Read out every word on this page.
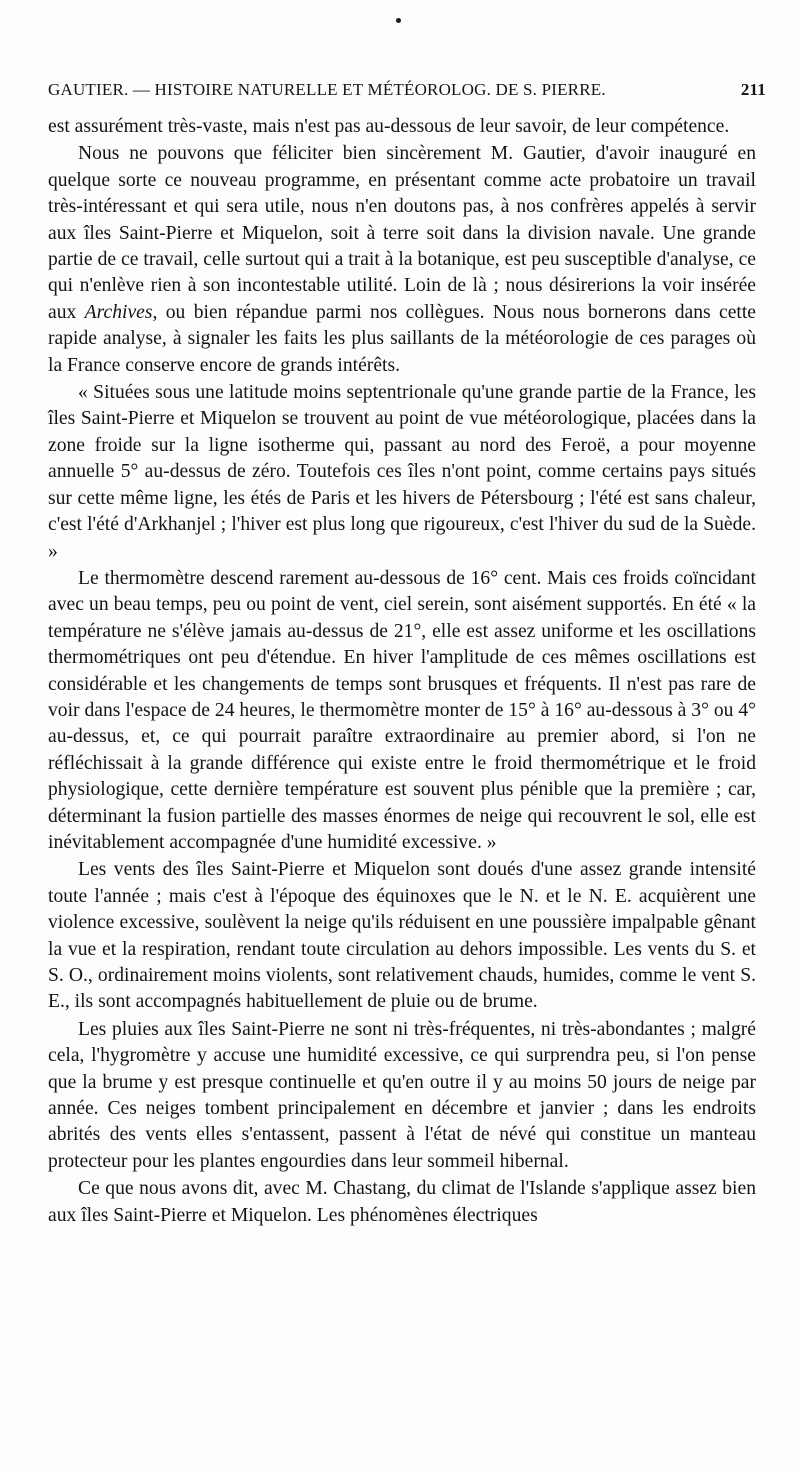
GAUTIER. — HISTOIRE NATURELLE ET MÉTÉOROLOG. DE S. PIERRE.	211

est assurément très-vaste, mais n'est pas au-dessous de leur savoir, de leur compétence.

Nous ne pouvons que féliciter bien sincèrement M. Gautier, d'avoir inauguré en quelque sorte ce nouveau programme, en présentant comme acte probatoire un travail très-intéressant et qui sera utile, nous n'en doutons pas, à nos confrères appelés à servir aux îles Saint-Pierre et Miquelon, soit à terre soit dans la division navale. Une grande partie de ce travail, celle surtout qui a trait à la botanique, est peu susceptible d'analyse, ce qui n'enlève rien à son incontestable utilité. Loin de là ; nous désirerions la voir insérée aux Archives, ou bien répandue parmi nos collègues. Nous nous bornerons dans cette rapide analyse, à signaler les faits les plus saillants de la météorologie de ces parages où la France conserve encore de grands intérêts.

« Situées sous une latitude moins septentrionale qu'une grande partie de la France, les îles Saint-Pierre et Miquelon se trouvent au point de vue météorologique, placées dans la zone froide sur la ligne isotherme qui, passant au nord des Feroë, a pour moyenne annuelle 5° au-dessus de zéro. Toutefois ces îles n'ont point, comme certains pays situés sur cette même ligne, les étés de Paris et les hivers de Pétersbourg ; l'été est sans chaleur, c'est l'été d'Arkhanjel ; l'hiver est plus long que rigoureux, c'est l'hiver du sud de la Suède. »

Le thermomètre descend rarement au-dessous de 16° cent. Mais ces froids coïncidant avec un beau temps, peu ou point de vent, ciel serein, sont aisément supportés. En été « la température ne s'élève jamais au-dessus de 21°, elle est assez uniforme et les oscillations thermométriques ont peu d'étendue. En hiver l'amplitude de ces mêmes oscillations est considérable et les changements de temps sont brusques et fréquents. Il n'est pas rare de voir dans l'espace de 24 heures, le thermomètre monter de 15° à 16° au-dessous à 3° ou 4° au-dessus, et, ce qui pourrait paraître extraordinaire au premier abord, si l'on ne réfléchissait à la grande différence qui existe entre le froid thermométrique et le froid physiologique, cette dernière température est souvent plus pénible que la première ; car, déterminant la fusion partielle des masses énormes de neige qui recouvrent le sol, elle est inévitablement accompagnée d'une humidité excessive. »

Les vents des îles Saint-Pierre et Miquelon sont doués d'une assez grande intensité toute l'année ; mais c'est à l'époque des équinoxes que le N. et le N. E. acquièrent une violence excessive, soulèvent la neige qu'ils réduisent en une poussière impalpable gênant la vue et la respiration, rendant toute circulation au dehors impossible. Les vents du S. et S. O., ordinairement moins violents, sont relativement chauds, humides, comme le vent S. E., ils sont accompagnés habituellement de pluie ou de brume.

Les pluies aux îles Saint-Pierre ne sont ni très-fréquentes, ni très-abondantes ; malgré cela, l'hygromètre y accuse une humidité excessive, ce qui surprendra peu, si l'on pense que la brume y est presque continuelle et qu'en outre il y au moins 50 jours de neige par année. Ces neiges tombent principalement en décembre et janvier ; dans les endroits abrités des vents elles s'entassent, passent à l'état de névé qui constitue un manteau protecteur pour les plantes engourdies dans leur sommeil hibernal.

Ce que nous avons dit, avec M. Chastang, du climat de l'Islande s'applique assez bien aux îles Saint-Pierre et Miquelon. Les phénomènes électriques
